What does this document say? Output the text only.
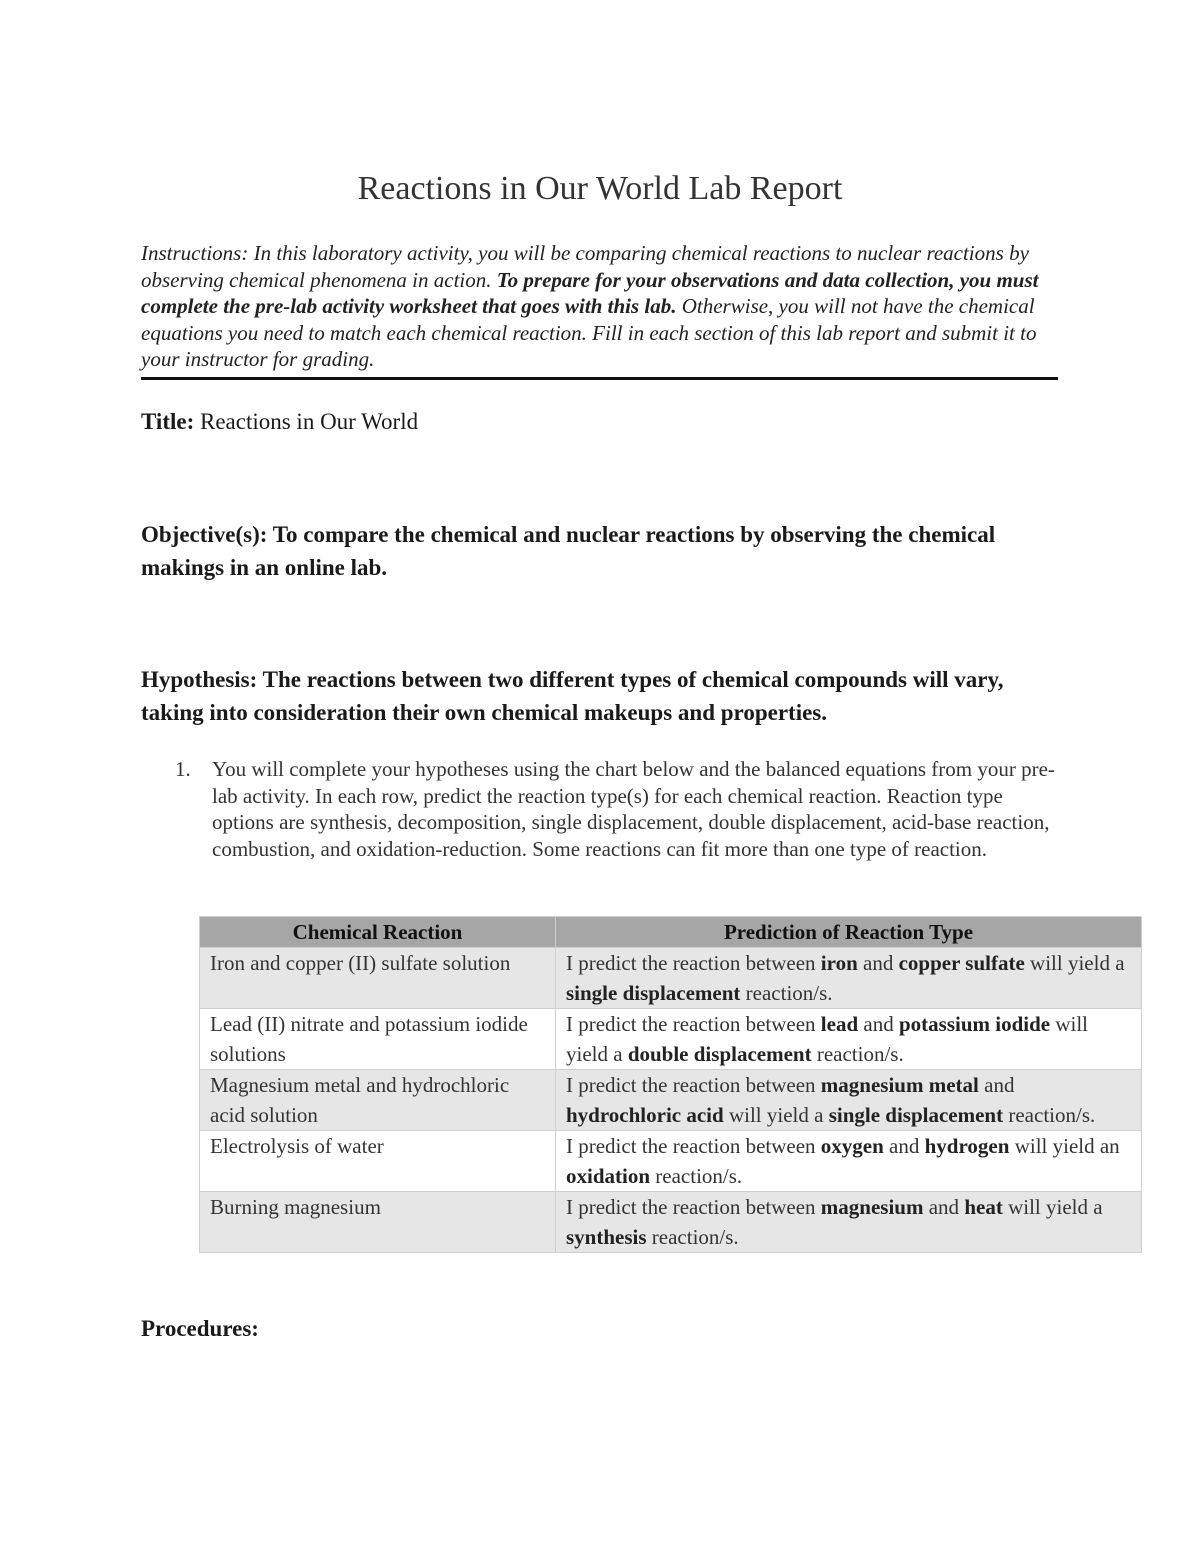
Reactions in Our World Lab Report
Instructions: In this laboratory activity, you will be comparing chemical reactions to nuclear reactions by observing chemical phenomena in action. To prepare for your observations and data collection, you must complete the pre-lab activity worksheet that goes with this lab. Otherwise, you will not have the chemical equations you need to match each chemical reaction. Fill in each section of this lab report and submit it to your instructor for grading.
Title: Reactions in Our World
Objective(s): To compare the chemical and nuclear reactions by observing the chemical makings in an online lab.
Hypothesis: The reactions between two different types of chemical compounds will vary, taking into consideration their own chemical makeups and properties.
1. You will complete your hypotheses using the chart below and the balanced equations from your pre-lab activity. In each row, predict the reaction type(s) for each chemical reaction. Reaction type options are synthesis, decomposition, single displacement, double displacement, acid-base reaction, combustion, and oxidation-reduction. Some reactions can fit more than one type of reaction.
Chemical Reaction	Prediction of Reaction Type
Iron and copper (II) sulfate solution	I predict the reaction between iron and copper sulfate will yield a single displacement reaction/s.
Lead (II) nitrate and potassium iodide solutions	I predict the reaction between lead and potassium iodide will yield a double displacement reaction/s.
Magnesium metal and hydrochloric acid solution	I predict the reaction between magnesium metal and hydrochloric acid will yield a single displacement reaction/s.
Electrolysis of water	I predict the reaction between oxygen and hydrogen will yield an oxidation reaction/s.
Burning magnesium	I predict the reaction between magnesium and heat will yield a synthesis reaction/s.
Procedures:
